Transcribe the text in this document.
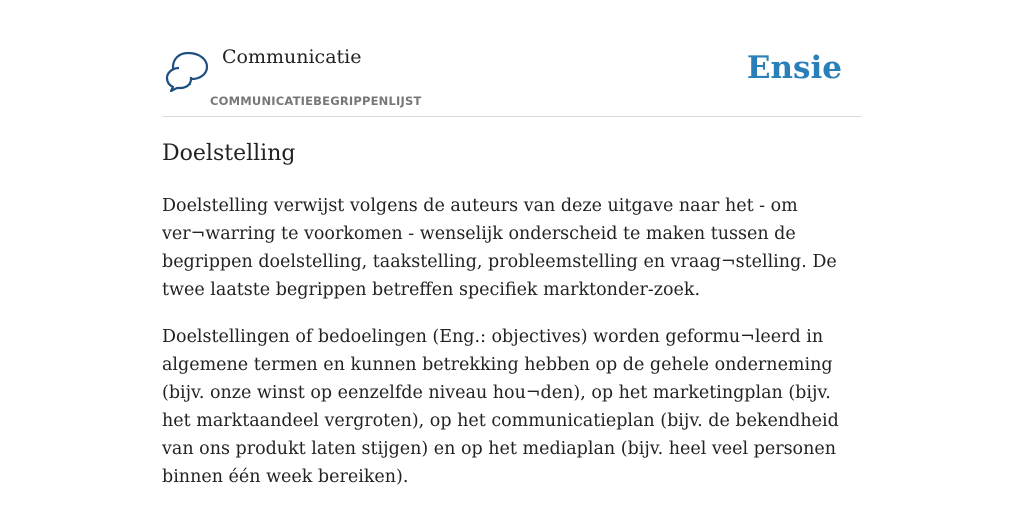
Communicatie
COMMUNICATIEBEGRIPPENLIJST
Ensie
Doelstelling

Doelstelling verwijst volgens de auteurs van deze uitgave naar het - om ver¬warring te voorkomen - wenselijk onderscheid te maken tussen de begrippen doelstelling, taakstelling, probleemstelling en vraag¬stelling. De twee laatste begrippen betreffen specifiek marktonder-zoek.

Doelstellingen of bedoelingen (Eng.: objectives) worden geformu¬leerd in algemene termen en kunnen betrekking hebben op de gehele onderneming (bijv. onze winst op eenzelfde niveau hou¬den), op het marketingplan (bijv. het marktaandeel vergroten), op het communicatieplan (bijv. de bekendheid van ons produkt laten stijgen) en op het mediaplan (bijv. heel veel personen binnen één week bereiken).
